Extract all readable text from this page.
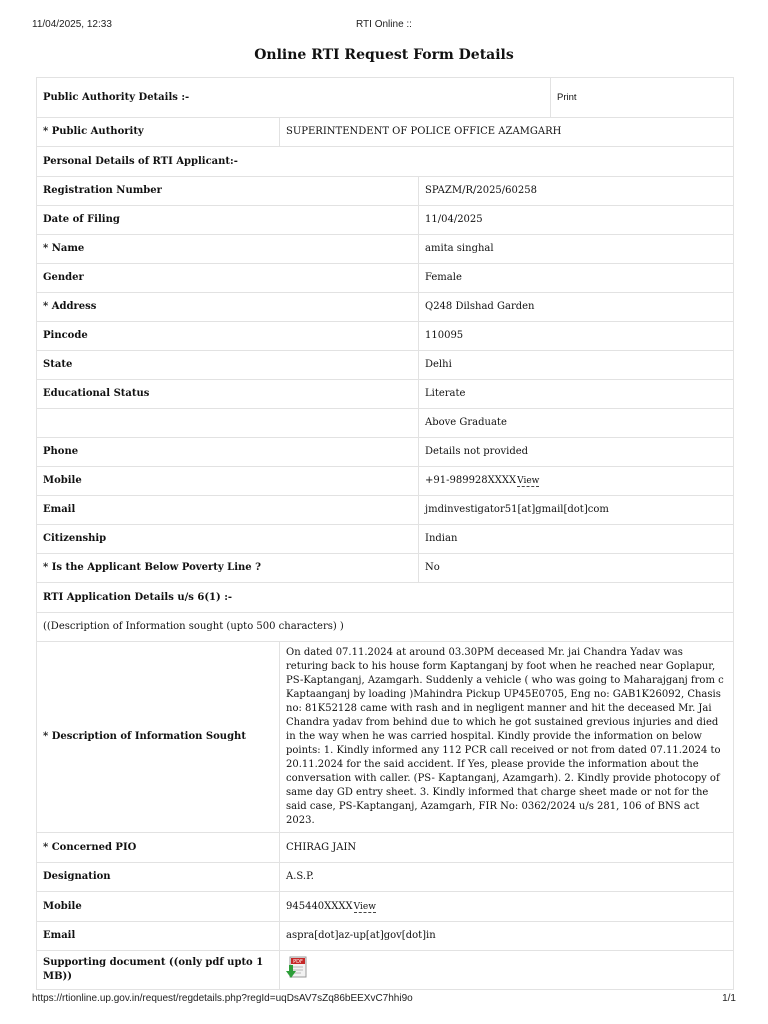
11/04/2025, 12:33	RTI Online ::
Online RTI Request Form Details
Public Authority Details :-			Print
* Public Authority	SUPERINTENDENT OF POLICE OFFICE AZAMGARH		
Personal Details of RTI Applicant:-			
Registration Number		SPAZM/R/2025/60258	
Date of Filing		11/04/2025	
* Name		amita singhal	
Gender		Female	
* Address		Q248 Dilshad Garden	
Pincode		110095	
State		Delhi	
Educational Status		Literate	
		Above Graduate	
Phone		Details not provided	
Mobile		+91-989928XXXXView	
Email		jmdinvestigator51[at]gmail[dot]com	
Citizenship		Indian	
* Is the Applicant Below Poverty Line ?		No	
RTI Application Details u/s 6(1) :-			
((Description of Information sought (upto 500 characters) )			
* Description of Information Sought	On dated 07.11.2024 at around 03.30PM deceased Mr. jai Chandra Yadav was returing back to his house form Kaptanganj by foot when he reached near Goplapur, PS-Kaptanganj, Azamgarh. Suddenly a vehicle ( who was going to Maharajganj from c Kaptaanganj by loading )Mahindra Pickup UP45E0705, Eng no: GAB1K26092, Chasis no: 81K52128 came with rash and in negligent manner and hit the deceased Mr. Jai Chandra yadav from behind due to which he got sustained grevious injuries and died in the way when he was carried hospital. Kindly provide the information on below points: 1. Kindly informed any 112 PCR call received or not from dated 07.11.2024 to 20.11.2024 for the said accident. If Yes, please provide the information about the conversation with caller. (PS- Kaptanganj, Azamgarh). 2. Kindly provide photocopy of same day GD entry sheet. 3. Kindly informed that charge sheet made or not for the said case, PS-Kaptanganj, Azamgarh, FIR No: 0362/2024 u/s 281, 106 of BNS act 2023.		
* Concerned PIO	CHIRAG JAIN		
Designation	A.S.P.		
Mobile	945440XXXXView		
Email	aspra[dot]az-up[at]gov[dot]in		
Supporting document ((only pdf upto 1 MB))	PDF		
https://rtionline.up.gov.in/request/regdetails.php?regId=uqDsAV7sZq86bEEXvC7hhi9o	1/1
